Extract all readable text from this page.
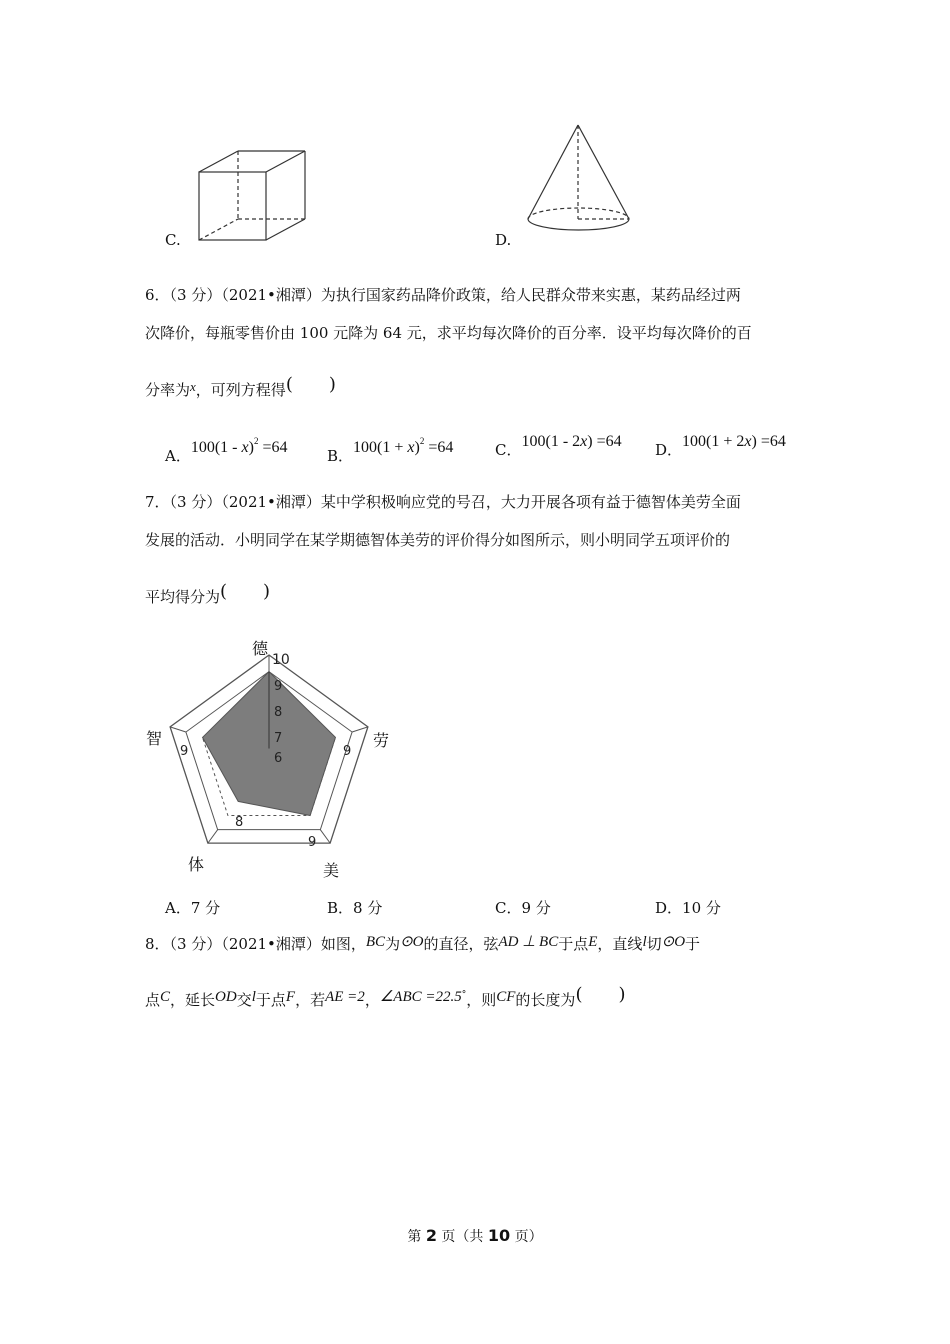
C.	D.
6．（3 分）（2021•湘潭）为执行国家药品降价政策，给人民群众带来实惠，某药品经过两
次降价，每瓶零售价由 100 元降为 64 元，求平均每次降价的百分率．设平均每次降价的百
分率为x，可列方程得( )
A．100(1 - x)$^2$ =64	B．$100(1 + x)^2 =64$	C．100(1 - 2x) =64 D．100(1 + 2x) =64
7．（3 分）（2021•湘潭）某中学积极响应党的号召，大力开展各项有益于德智体美劳全面
发展的活动．小明同学在某学期德智体美劳的评价得分如图所示，则小明同学五项评价的
平均得分为( )
10
9
8
7
6
德
劳
美
体
智
9
9
8
9
A．7 分	B．8 分	C．9 分	D．10 分
8．（3 分）（2021•湘潭）如图，BC为⊙O的直径，弦AD ⊥ BC于点E，直线l切⊙O于
点C，延长OD交l于点F，若AE =2，∠ABC =22.5°，则CF的长度为( )
第 2 页（共 10 页）
